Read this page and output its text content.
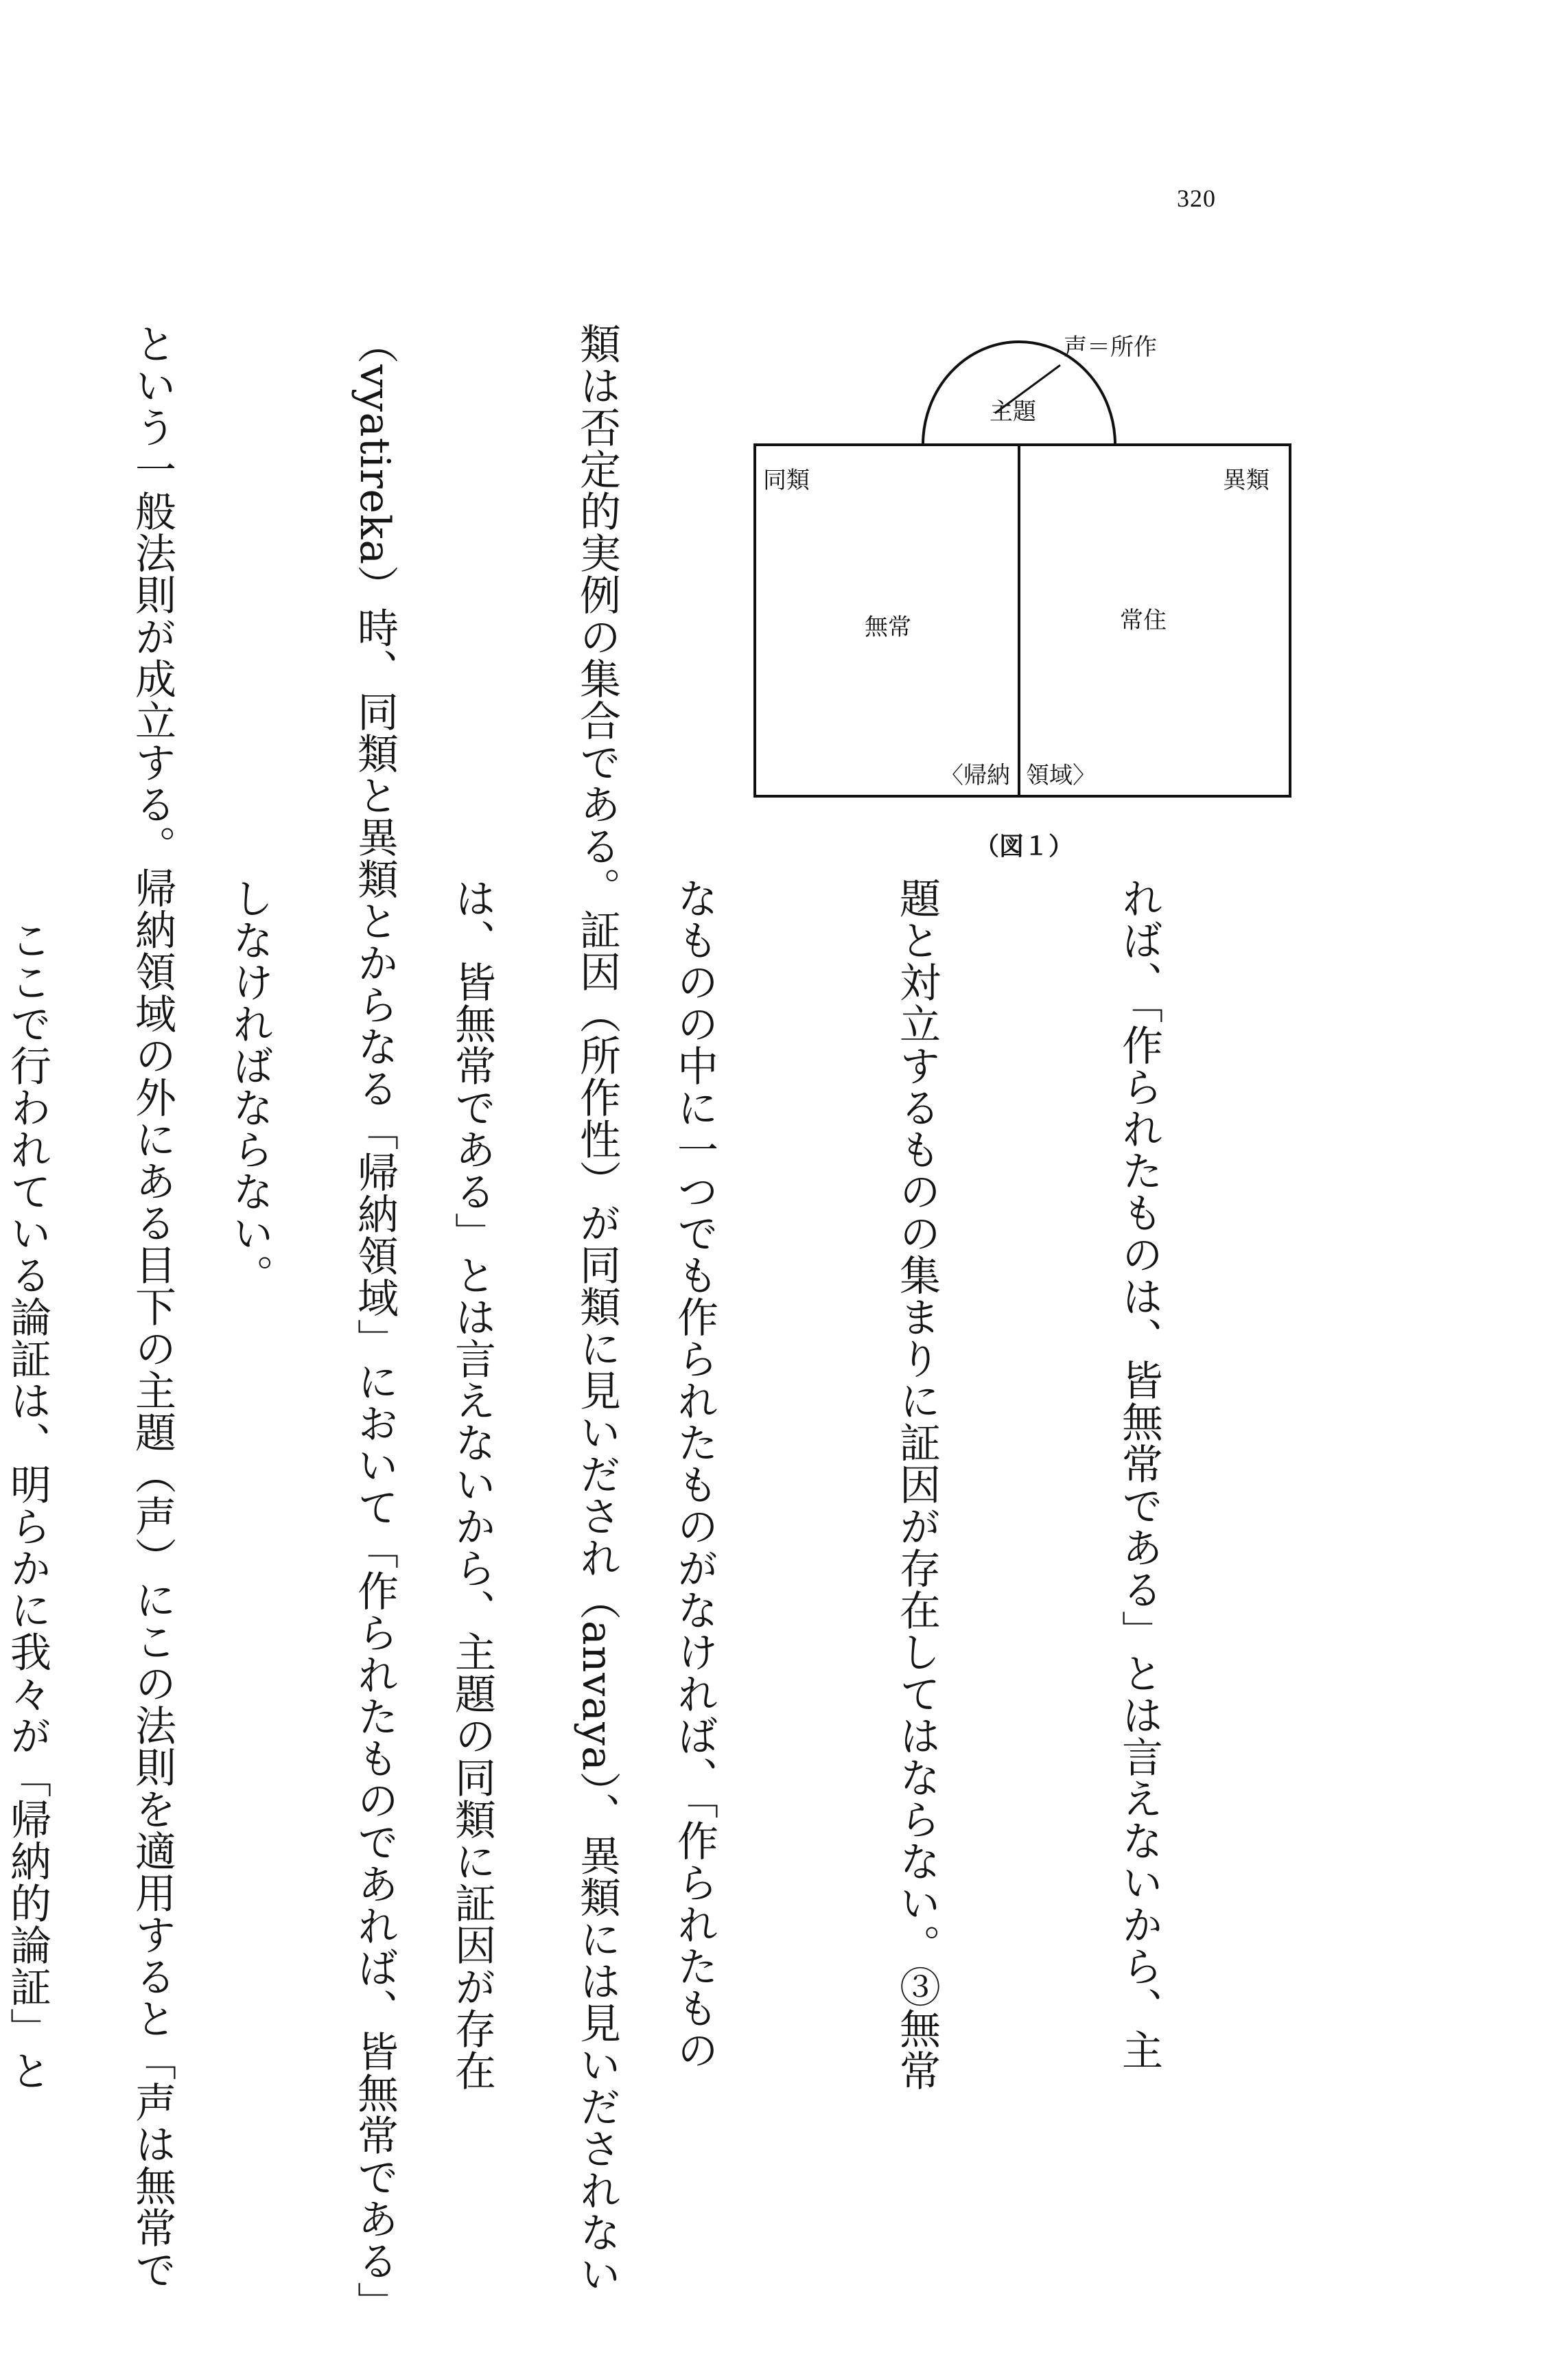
320
声＝所作
主題
同類	異類
無常	常住
〈帰納 領域〉
（図１）

れば、「作られたものは、皆無常である」とは言えないから、主

題と対立するものの集まりに証因が存在してはならない。③無常

なものの中に一つでも作られたものがなければ、「作られたもの

は、皆無常である」とは言えないから、主題の同類に証因が存在

しなければならない。

　ここで行われている論証は、明らかに我々が「帰納的論証」と

	類は否定的実例の集合である。証因（所作性）が同類に見いだされ（anvaya）、異類には見いだされない

（vyatireka）時、同類と異類とからなる「帰納領域」において「作られたものであれば、皆無常である」

という一般法則が成立する。帰納領域の外にある目下の主題（声）にこの法則を適用すると「声は無常で
